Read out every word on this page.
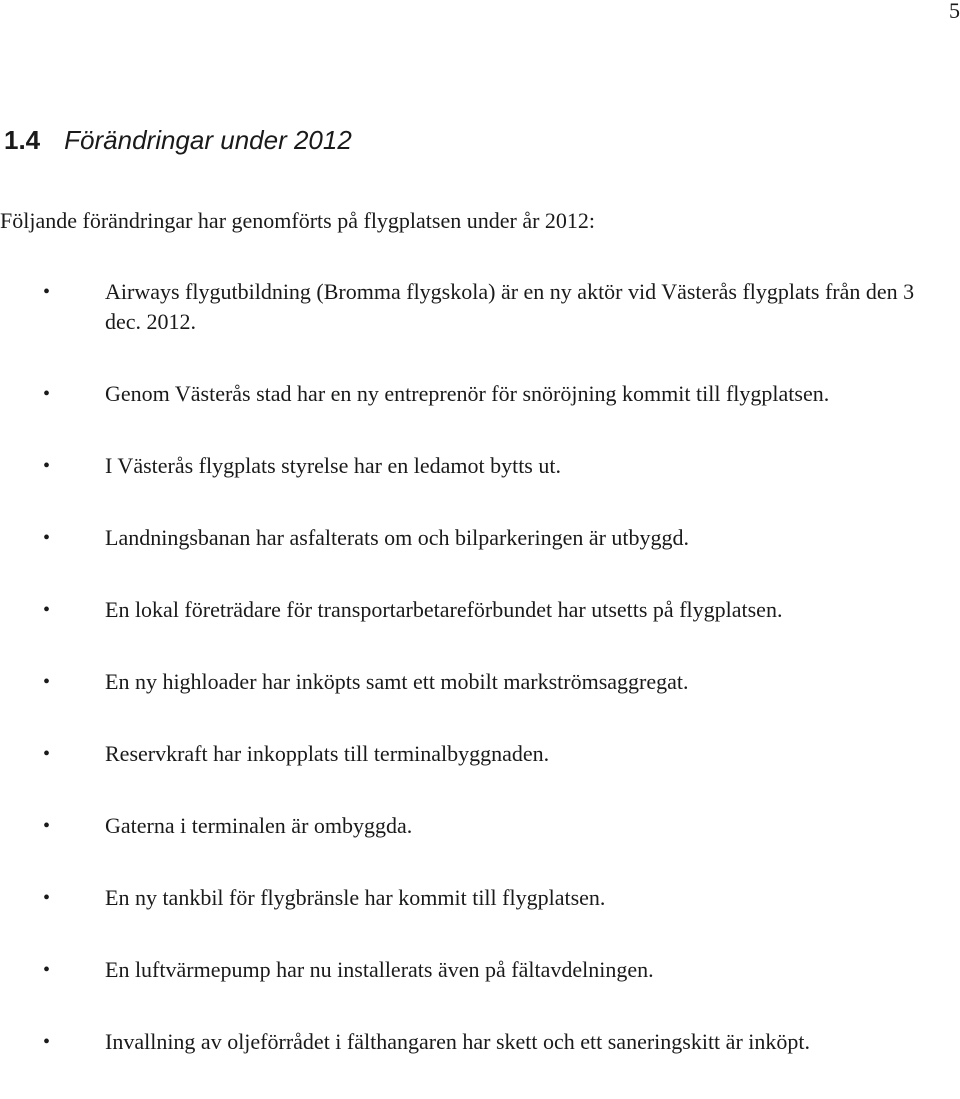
5
1.4 Förändringar under 2012
Följande förändringar har genomförts på flygplatsen under år 2012:
• Airways flygutbildning (Bromma flygskola) är en ny aktör vid Västerås flygplats från den 3 dec. 2012.
• Genom Västerås stad har en ny entreprenör för snöröjning kommit till flygplatsen.
• I Västerås flygplats styrelse har en ledamot bytts ut.
• Landningsbanan har asfalterats om och bilparkeringen är utbyggd.
• En lokal företrädare för transportarbetareförbundet har utsetts på flygplatsen.
• En ny highloader har inköpts samt ett mobilt markströmsaggregat.
• Reservkraft har inkopplats till terminalbyggnaden.
• Gaterna i terminalen är ombyggda.
• En ny tankbil för flygbränsle har kommit till flygplatsen.
• En luftvärmepump har nu installerats även på fältavdelningen.
• Invallning av oljeförrådet i fälthangaren har skett och ett saneringskitt är inköpt.
